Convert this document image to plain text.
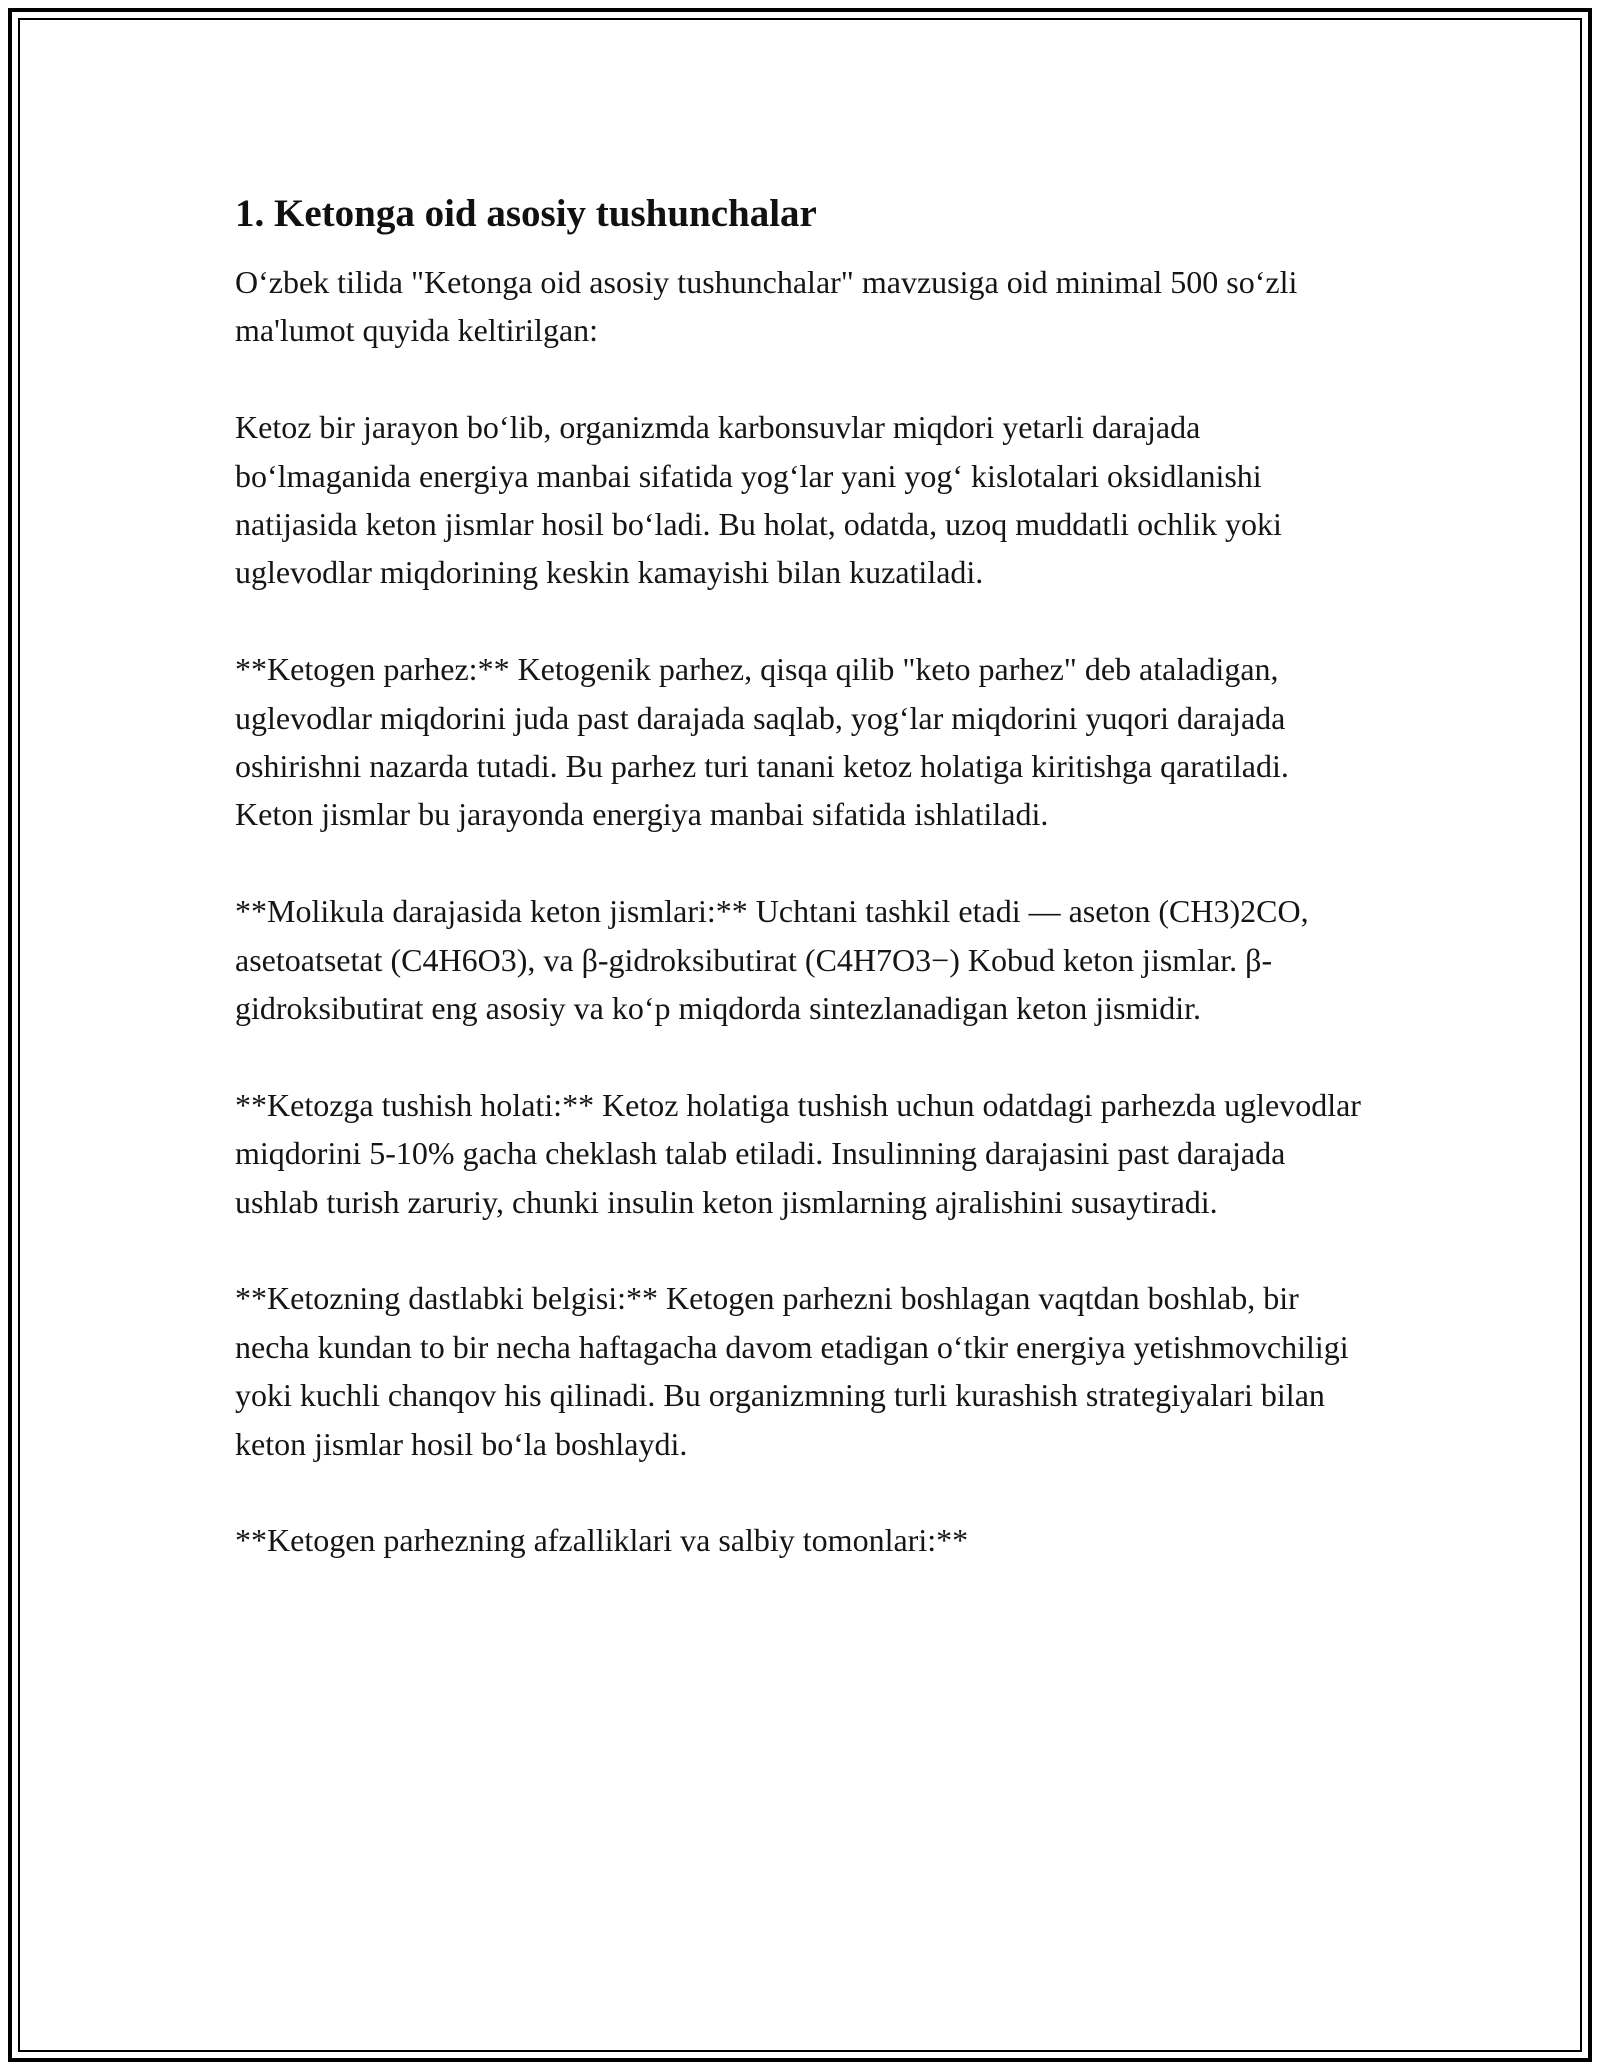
1. Ketonga oid asosiy tushunchalar

O‘zbek tilida "Ketonga oid asosiy tushunchalar" mavzusiga oid minimal 500 so‘zli ma'lumot quyida keltirilgan:

Ketoz bir jarayon bo‘lib, organizmda karbonsuvlar miqdori yetarli darajada bo‘lmaganida energiya manbai sifatida yog‘lar yani yog‘ kislotalari oksidlanishi natijasida keton jismlar hosil bo‘ladi. Bu holat, odatda, uzoq muddatli ochlik yoki uglevodlar miqdorining keskin kamayishi bilan kuzatiladi.

**Ketogen parhez:** Ketogenik parhez, qisqa qilib "keto parhez" deb ataladigan, uglevodlar miqdorini juda past darajada saqlab, yog‘lar miqdorini yuqori darajada oshirishni nazarda tutadi. Bu parhez turi tanani ketoz holatiga kiritishga qaratiladi. Keton jismlar bu jarayonda energiya manbai sifatida ishlatiladi.

**Molikula darajasida keton jismlari:** Uchtani tashkil etadi — aseton (CH3)2CO, asetoatsetat (C4H6O3), va β-gidroksibutirat (C4H7O3−) Kobud keton jismlar. β-gidroksibutirat eng asosiy va ko‘p miqdorda sintezlanadigan keton jismidir.

**Ketozga tushish holati:** Ketoz holatiga tushish uchun odatdagi parhezda uglevodlar miqdorini 5-10% gacha cheklash talab etiladi. Insulinning darajasini past darajada ushlab turish zaruriy, chunki insulin keton jismlarning ajralishini susaytiradi.

**Ketozning dastlabki belgisi:** Ketogen parhezni boshlagan vaqtdan boshlab, bir necha kundan to bir necha haftagacha davom etadigan o‘tkir energiya yetishmovchiligi yoki kuchli chanqov his qilinadi. Bu organizmning turli kurashish strategiyalari bilan keton jismlar hosil bo‘la boshlaydi.

**Ketogen parhezning afzalliklari va salbiy tomonlari:**
